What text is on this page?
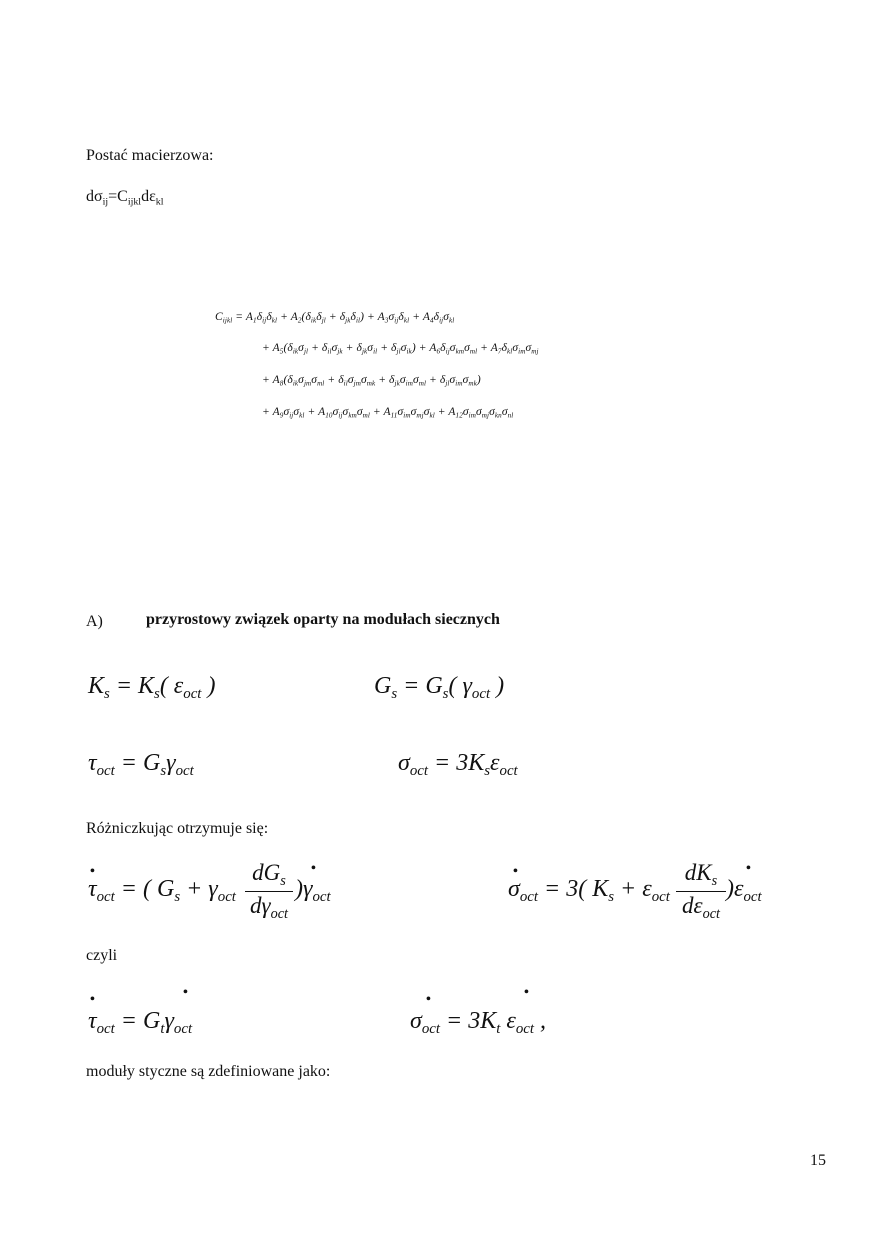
Postać macierzowa:
$d\sigma_{ij}=C_{ijkl}d\varepsilon_{kl}$
$C_{ijkl} = A_1\delta_{ij}\delta_{kl} + A_2(\delta_{ik}\delta_{jl} + \delta_{jk}\delta_{il}) + A_3\sigma_{ij}\delta_{kl} + A_4\delta_{ij}\sigma_{kl}$
+ $A_5(\delta_{ik}\sigma_{jl} + \delta_{il}\sigma_{jk} + \delta_{jk}\sigma_{il} + \delta_{jl}\sigma_{ik}) + A_6\delta_{ij}\sigma_{km}\sigma_{ml} + A_7\delta_{kl}\sigma_{im}\sigma_{mj}$
+ $A_8(\delta_{ik}\sigma_{jm}\sigma_{ml} + \delta_{il}\sigma_{jm}\sigma_{mk} + \delta_{jk}\sigma_{im}\sigma_{ml} + \delta_{jl}\sigma_{im}\sigma_{mk})$
+ $A_9\sigma_{ij}\sigma_{kl} + A_{10}\sigma_{ij}\sigma_{km}\sigma_{ml} + A_{11}\sigma_{im}\sigma_{mj}\sigma_{kl} + A_{12}\sigma_{im}\sigma_{mj}\sigma_{kn}\sigma_{nl}$
A)	przyrostowy związek oparty na modułach siecznych
$K_s = K_s$( $\varepsilon_{oct}$ )	$G_s = G_s$( $\gamma_{oct}$ )
$\tau_{oct} = G_s\gamma_{oct}$	$\sigma_{oct} = 3K_s\varepsilon_{oct}$
Różniczkując otrzymuje się:
•	•
$\tau_{oct}$ = ( $G_s + \gamma_{oct}$
$dG_s$
$d\gamma_{oct}$
)$\gamma_{oct}$
•	•
$\sigma_{oct} = 3$( $K_s + \varepsilon_{oct}$
$dK_s$
$d\varepsilon_{oct}$
)$\varepsilon_{oct}$
czyli
•	•
$\tau_{oct} = G_t\gamma_{oct}$
•	•
$\sigma_{oct} = 3K_t$ $\varepsilon_{oct}$ ,
moduły styczne są zdefiniowane jako:
15
